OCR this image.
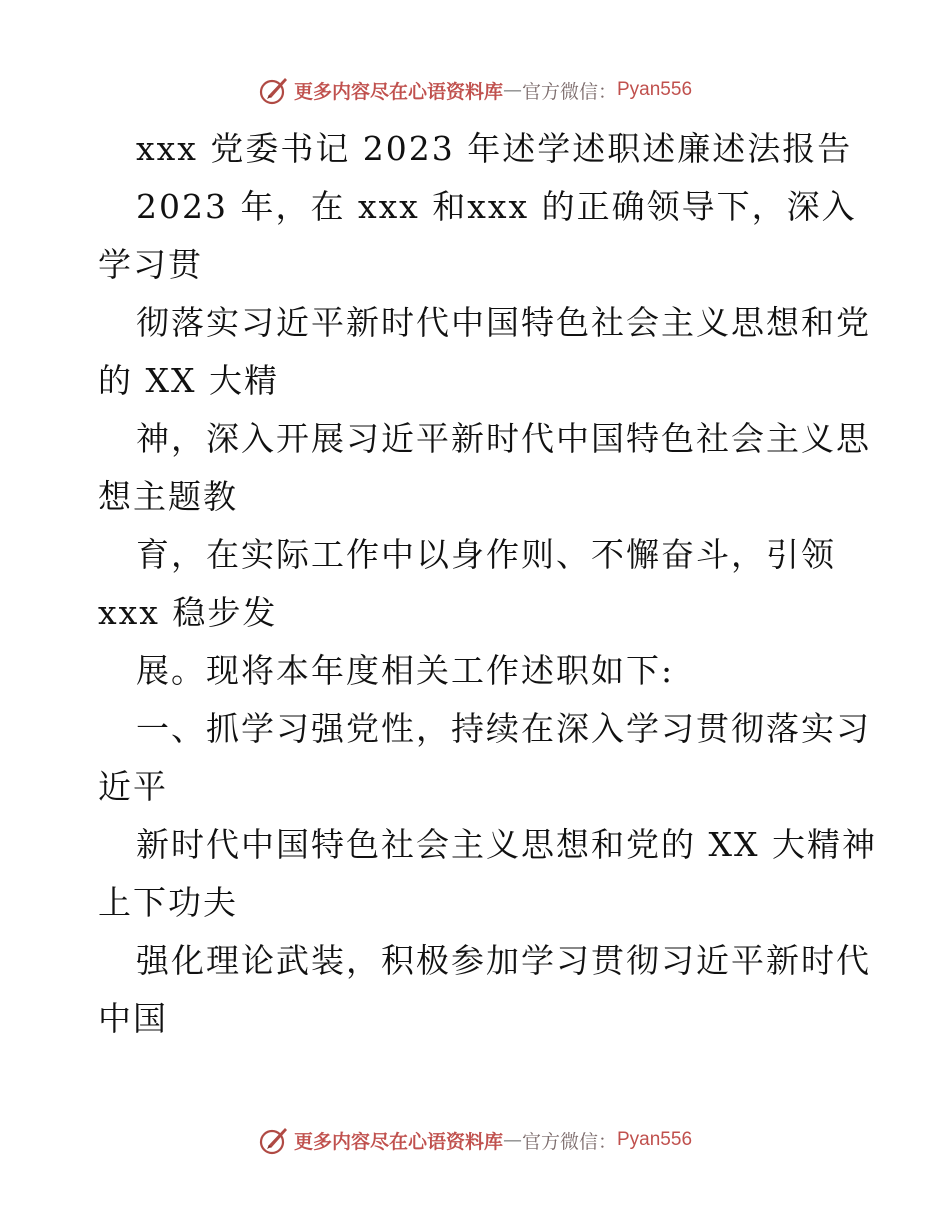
更多内容尽在心语资料库 — 官方微信： Pyan556
xxx 党委书记 2023 年述学述职述廉述法报告
2023 年，在 xxx 和xxx 的正确领导下，深入
学习贯
彻落实习近平新时代中国特色社会主义思想和党
的 XX 大精
神，深入开展习近平新时代中国特色社会主义思
想主题教
育，在实际工作中以身作则、不懈奋斗，引领
xxx 稳步发
展。现将本年度相关工作述职如下:
一、抓学习强党性，持续在深入学习贯彻落实习
近平
新时代中国特色社会主义思想和党的 XX 大精神
上下功夫
强化理论武装，积极参加学习贯彻习近平新时代
中国
更多内容尽在心语资料库 — 官方微信： Pyan556
